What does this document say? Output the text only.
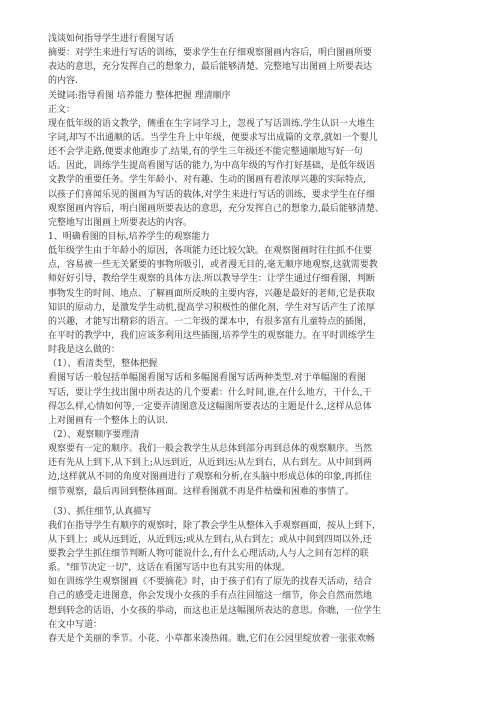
浅谈如何指导学生进行看图写话
摘要：对学生来进行写话的训练，要求学生在仔细观察图画内容后，明白图画所要
表达的意思，充分发挥自己的想象力，最后能够清楚、完整地写出图画上所要表达
的内容.
关键词:指导看图 培养能力 整体把握 理清顺序
正文：
现在低年级的语文教学，侧重在生字词学习上，忽视了写话训练.学生认识一大堆生
字词,却写不出通顺的话。当学生升上中年级，便要求写出成篇的文章,就如一个婴儿
还不会学走路,便要求他跑步了.结果,有的学生三年级还不能完整通顺地写好一句
话。因此，训练学生提高看图写话的能力,为中高年级的写作打好基础，是低年级语
文教学的重要任务。学生年龄小、对有趣、生动的图画有着浓厚兴趣的实际特点,
以孩子们喜闻乐见的图画为写话的载体,对学生来进行写话的训练，要求学生在仔细
观察图画内容后，明白图画所要表达的意思，充分发挥自己的想象力,最后能够清楚、
完整地写出图画上所要表达的内容。
1、明确看图的目标,培养学生的观察能力
低年级学生由于年龄小的原因，各项能力还比较欠缺。在观察图画时往往抓不住要
点，容易被一些无关紧要的事物所吸引，或者漫无目的,毫无顺序地观察,这就需要教
师好好引导，教给学生观察的具体方法.所以教导学生：让学生通过仔细看图，判断
事物发生的时间、地点、了解画面所反映的主要内容，兴趣是最好的老师,它是获取
知识的原动力，是激发学生动机,提高学习积极性的催化剂，学生对写话产生了浓厚
的兴趣，才能写出精彩的语言。一二年级的课本中，有很多富有儿童特点的插图，
在平时的教学中，我们应该多利用这些插图,培养学生的观察能力。在平时训练学生
时我是这么做的：
（1）、看清类型，整体把握
看图写话一般包括单幅图看图写话和多幅图看图写话两种类型.对于单幅图的看图
写话，要让学生找出图中所表达的几个要素：什么时间,谁,在什么地方，干什么,干
得怎么样,心情如何等,一定要弄清图意及这幅图所要表达的主题是什么,这样从总体
上对图画有一个整体上的认识.
（2）、观察顺序要理清
观察要有一定的顺序。我们一般会教学生从总体到部分再到总体的观察顺序。当然
还有先从上到下,从下到上;从远到近，从近到远;从左到右，从右到左。从中间到两
边,这样就从不同的角度对图画进行了观察和分析,在头脑中形成总体的印象,再抓住
细节观察，最后再回到整体画面。这样看图就不再是件枯燥和困难的事情了。
（3）、抓住细节,认真描写
我们在指导学生有顺序的观察时，除了教会学生从整体入手观察画面，按从上到下，
从下到上；或从远到近，从近到远;或从左到右,从右到左；或从中间到四周以外,还
要教会学生抓住细节判断人物可能说什么,有什么心理活动,人与人之间有怎样的联
系。"细节决定一切"，这话在看图写话中也有其实用的体现。
如在训练学生观察图画《不要摘花》时，由于孩子们有了原先的找春天活动，结合
自己的感受走进图意，你会发现小女孩的手有点往回缩这一细节，你会自然而然地
想到转念的话语，小女孩的举动，而这也正是这幅图所表达的意思。你瞧，一位学生
在文中写道：
春天是个美丽的季节。小花、小草都来凑热闹。瞧,它们在公园里绽放着一张张欢畅
